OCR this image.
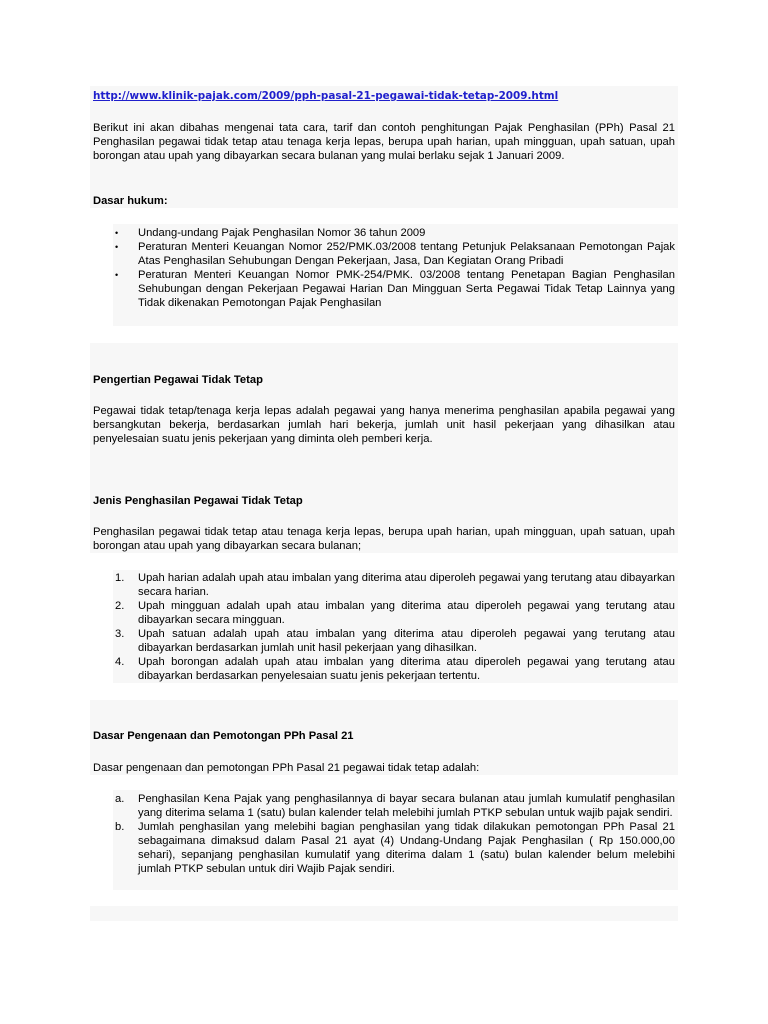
http://www.klinik-pajak.com/2009/pph-pasal-21-pegawai-tidak-tetap-2009.html

Berikut ini akan dibahas mengenai tata cara, tarif dan contoh penghitungan Pajak Penghasilan (PPh) Pasal 21 Penghasilan pegawai tidak tetap atau tenaga kerja lepas, berupa upah harian, upah mingguan, upah satuan, upah borongan atau upah yang dibayarkan secara bulanan yang mulai berlaku sejak 1 Januari 2009.

Dasar hukum:

•	Undang-undang Pajak Penghasilan Nomor 36 tahun 2009
•	Peraturan Menteri Keuangan Nomor 252/PMK.03/2008 tentang Petunjuk Pelaksanaan Pemotongan Pajak Atas Penghasilan Sehubungan Dengan Pekerjaan, Jasa, Dan Kegiatan Orang Pribadi
•	Peraturan Menteri Keuangan Nomor PMK-254/PMK. 03/2008 tentang Penetapan Bagian Penghasilan Sehubungan dengan Pekerjaan Pegawai Harian Dan Mingguan Serta Pegawai Tidak Tetap Lainnya yang Tidak dikenakan Pemotongan Pajak Penghasilan

Pengertian Pegawai Tidak Tetap

Pegawai tidak tetap/tenaga kerja lepas adalah pegawai yang hanya menerima penghasilan apabila pegawai yang bersangkutan bekerja, berdasarkan jumlah hari bekerja, jumlah unit hasil pekerjaan yang dihasilkan atau penyelesaian suatu jenis pekerjaan yang diminta oleh pemberi kerja.

Jenis Penghasilan Pegawai Tidak Tetap

Penghasilan pegawai tidak tetap atau tenaga kerja lepas, berupa upah harian, upah mingguan, upah satuan, upah borongan atau upah yang dibayarkan secara bulanan;

1.	Upah harian adalah upah atau imbalan yang diterima atau diperoleh pegawai yang terutang atau dibayarkan secara harian.
2.	Upah mingguan adalah upah atau imbalan yang diterima atau diperoleh pegawai yang terutang atau dibayarkan secara mingguan.
3.	Upah satuan adalah upah atau imbalan yang diterima atau diperoleh pegawai yang terutang atau dibayarkan berdasarkan jumlah unit hasil pekerjaan yang dihasilkan.
4.	Upah borongan adalah upah atau imbalan yang diterima atau diperoleh pegawai yang terutang atau dibayarkan berdasarkan penyelesaian suatu jenis pekerjaan tertentu.

Dasar Pengenaan dan Pemotongan PPh Pasal 21

Dasar pengenaan dan pemotongan PPh Pasal 21 pegawai tidak tetap adalah:

a.	Penghasilan Kena Pajak yang penghasilannya di bayar secara bulanan atau jumlah kumulatif penghasilan yang diterima selama 1 (satu) bulan kalender telah melebihi jumlah PTKP sebulan untuk wajib pajak sendiri.
b.	Jumlah penghasilan yang melebihi bagian penghasilan yang tidak dilakukan pemotongan PPh Pasal 21 sebagaimana dimaksud dalam Pasal 21 ayat (4) Undang-Undang Pajak Penghasilan ( Rp 150.000,00   sehari), sepanjang penghasilan kumulatif yang diterima dalam 1 (satu) bulan kalender belum melebihi jumlah PTKP sebulan untuk diri Wajib Pajak sendiri.
